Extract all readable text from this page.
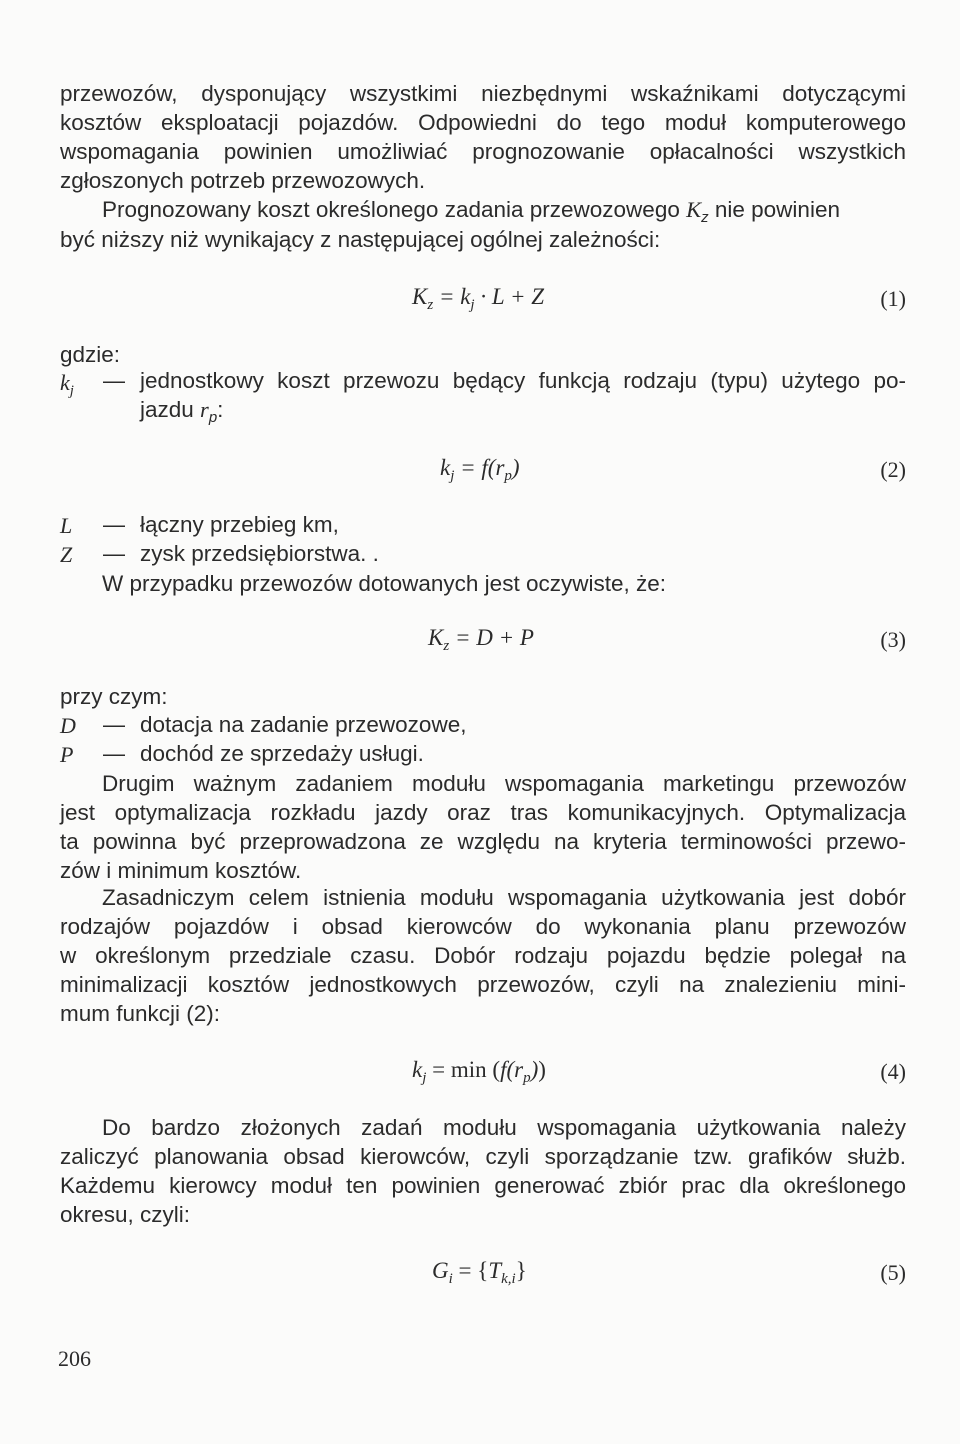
przewozów, dysponujący wszystkimi niezbędnymi wskaźnikami dotyczącymi
kosztów eksploatacji pojazdów. Odpowiedni do tego moduł komputerowego
wspomagania powinien umożliwiać prognozowanie opłacalności wszystkich
zgłoszonych potrzeb przewozowych.
Prognozowany koszt określonego zadania przewozowego $K_z$ nie powinien
być niższy niż wynikający z następującej ogólnej zależności:
$K_z = k_j \cdot L + Z$	(1)
gdzie:
$k_j$ — jednostkowy koszt przewozu będący funkcją rodzaju (typu) użytego po-
jazdu $r_p$:
$k_j = f(r_p)$	(2)
L — łączny przebieg km,
Z — zysk przedsiębiorstwa. .
W przypadku przewozów dotowanych jest oczywiste, że:
$K_z = D + P$	(3)
przy czym:
D — dotacja na zadanie przewozowe,
P — dochód ze sprzedaży usługi.
Drugim ważnym zadaniem modułu wspomagania marketingu przewozów
jest optymalizacja rozkładu jazdy oraz tras komunikacyjnych. Optymalizacja
ta powinna być przeprowadzona ze względu na kryteria terminowości przewo-
zów i minimum kosztów.
Zasadniczym celem istnienia modułu wspomagania użytkowania jest dobór
rodzajów pojazdów i obsad kierowców do wykonania planu przewozów
w określonym przedziale czasu. Dobór rodzaju pojazdu będzie polegał na
minimalizacji kosztów jednostkowych przewozów, czyli na znalezieniu mini-
mum funkcji (2):
$k_j = \min (f(r_p))$	(4)
Do bardzo złożonych zadań modułu wspomagania użytkowania należy
zaliczyć planowania obsad kierowców, czyli sporządzanie tzw. grafików służb.
Każdemu kierowcy moduł ten powinien generować zbiór prac dla określonego
okresu, czyli:
$G_i = \{T_{k,i}\}$	(5)
206
